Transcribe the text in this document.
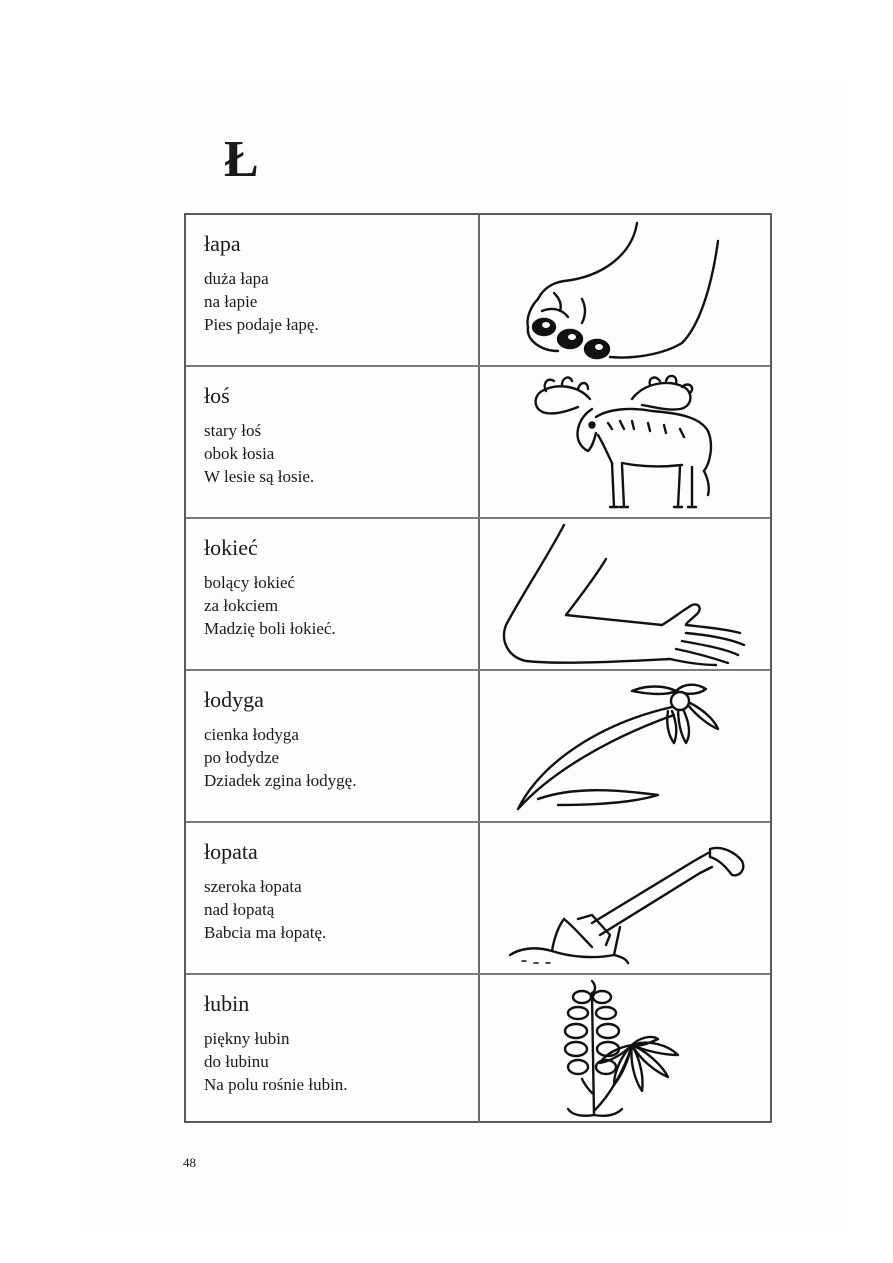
Ł

łapa

duża łapa

na łapie

Pies podaje łapę.

łoś

stary łoś

obok łosia

W lesie są łosie.

łokieć

bolący łokieć

za łokciem

Madzię boli łokieć.

łodyga

cienka łodyga

po łodydze

Dziadek zgina łodygę.

łopata

szeroka łopata

nad łopatą

Babcia ma łopatę.

łubin

piękny łubin

do łubinu

Na polu rośnie łubin.

48
